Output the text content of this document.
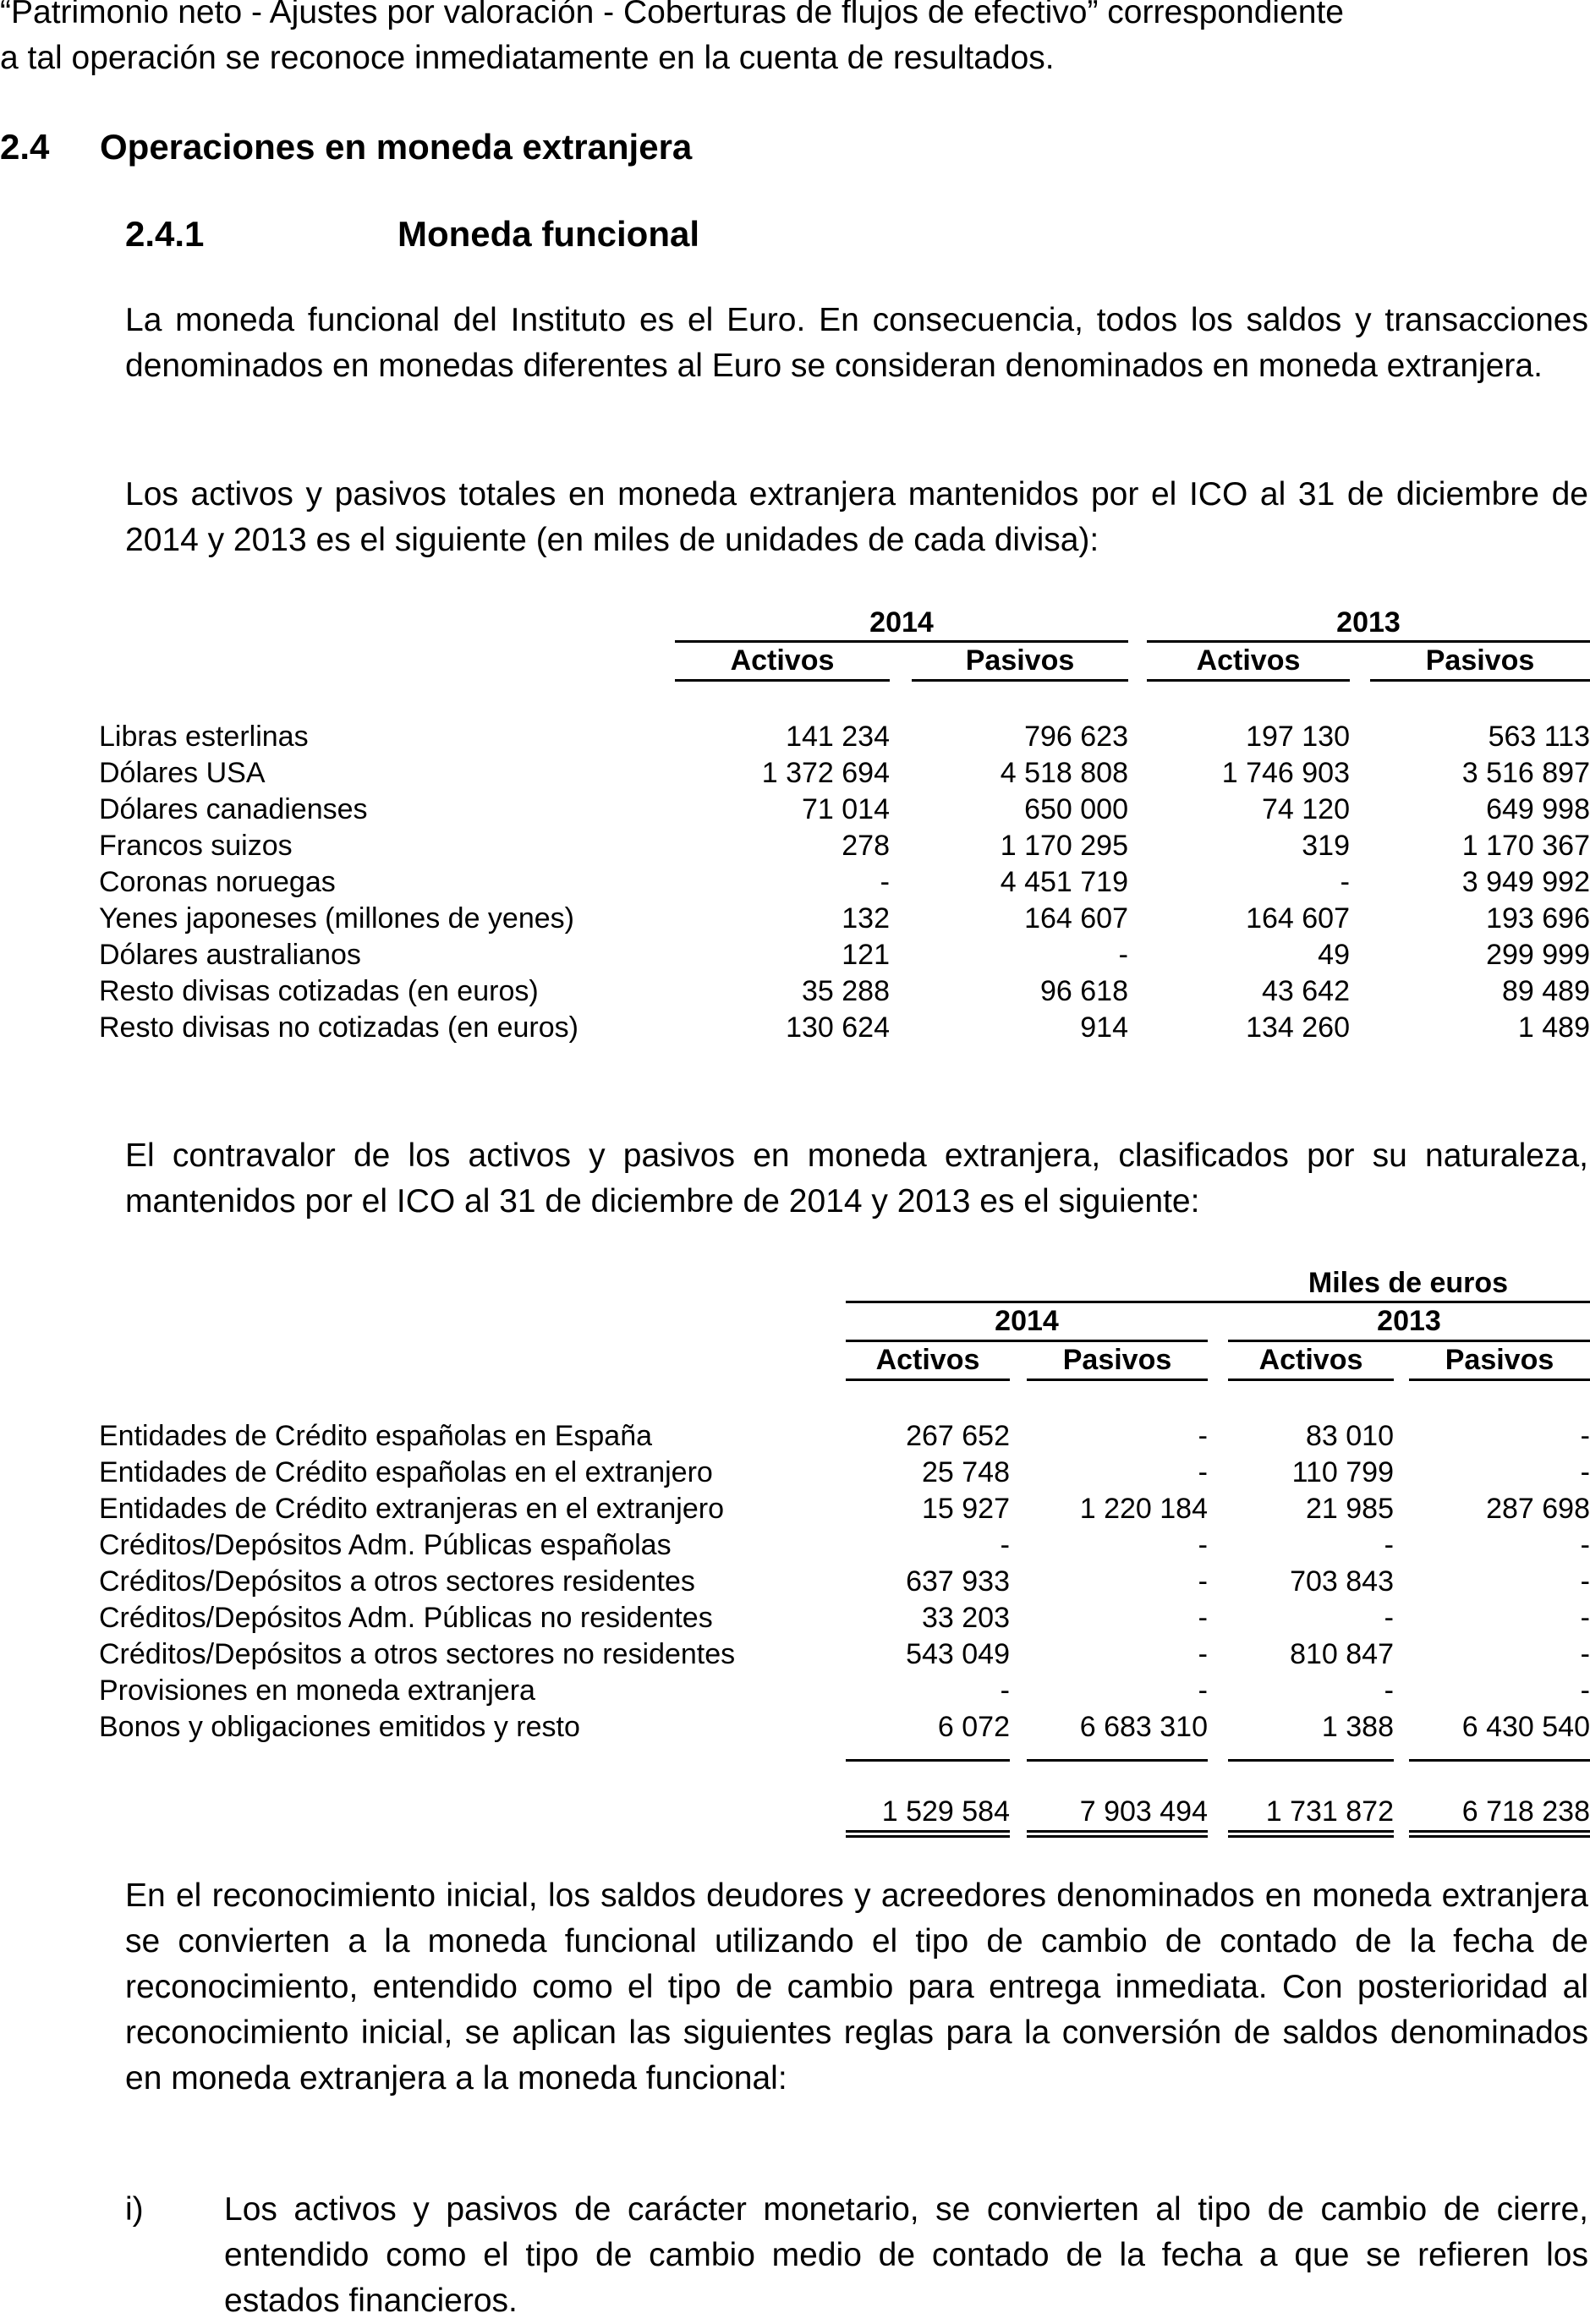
“Patrimonio neto - Ajustes por valoración - Coberturas de flujos de efectivo” correspondiente
a tal operación se reconoce inmediatamente en la cuenta de resultados.
2.4 Operaciones en moneda extranjera
2.4.1	Moneda funcional
La moneda funcional del Instituto es el Euro. En consecuencia, todos los saldos y transacciones denominados en monedas diferentes al Euro se consideran denominados en moneda extranjera.
Los activos y pasivos totales en moneda extranjera mantenidos por el ICO al 31 de diciembre de 2014 y 2013 es el siguiente (en miles de unidades de cada divisa):
2014	2013
Activos	Pasivos	Activos	Pasivos
Libras esterlinas	141 234	796 623	197 130	563 113
Dólares USA	1 372 694	4 518 808	1 746 903	3 516 897
Dólares canadienses	71 014	650 000	74 120	649 998
Francos suizos	278	1 170 295	319	1 170 367
Coronas noruegas	-	4 451 719	-	3 949 992
Yenes japoneses (millones de yenes)	132	164 607	164 607	193 696
Dólares australianos	121	-	49	299 999
Resto divisas cotizadas (en euros)	35 288	96 618	43 642	89 489
Resto divisas no cotizadas (en euros)	130 624	914	134 260	1 489
El contravalor de los activos y pasivos en moneda extranjera, clasificados por su naturaleza, mantenidos por el ICO al 31 de diciembre de 2014 y 2013 es el siguiente:
Miles de euros
2014	2013
Activos	Pasivos	Activos	Pasivos
Entidades de Crédito españolas en España	267 652	-	83 010	-
Entidades de Crédito españolas en el extranjero	25 748	-	110 799	-
Entidades de Crédito extranjeras en el extranjero	15 927	1 220 184	21 985	287 698
Créditos/Depósitos Adm. Públicas españolas	-	-	-	-
Créditos/Depósitos a otros sectores residentes	637 933	-	703 843	-
Créditos/Depósitos Adm. Públicas no residentes	33 203	-	-	-
Créditos/Depósitos a otros sectores no residentes	543 049	-	810 847	-
Provisiones en moneda extranjera	-	-	-	-
Bonos y obligaciones emitidos y resto	6 072	6 683 310	1 388	6 430 540
1 529 584	7 903 494	1 731 872	6 718 238
En el reconocimiento inicial, los saldos deudores y acreedores denominados en moneda extranjera se convierten a la moneda funcional utilizando el tipo de cambio de contado de la fecha de reconocimiento, entendido como el tipo de cambio para entrega inmediata. Con posterioridad al reconocimiento inicial, se aplican las siguientes reglas para la conversión de saldos denominados en moneda extranjera a la moneda funcional:
i) Los activos y pasivos de carácter monetario, se convierten al tipo de cambio de cierre, entendido como el tipo de cambio medio de contado de la fecha a que se refieren los estados financieros.
